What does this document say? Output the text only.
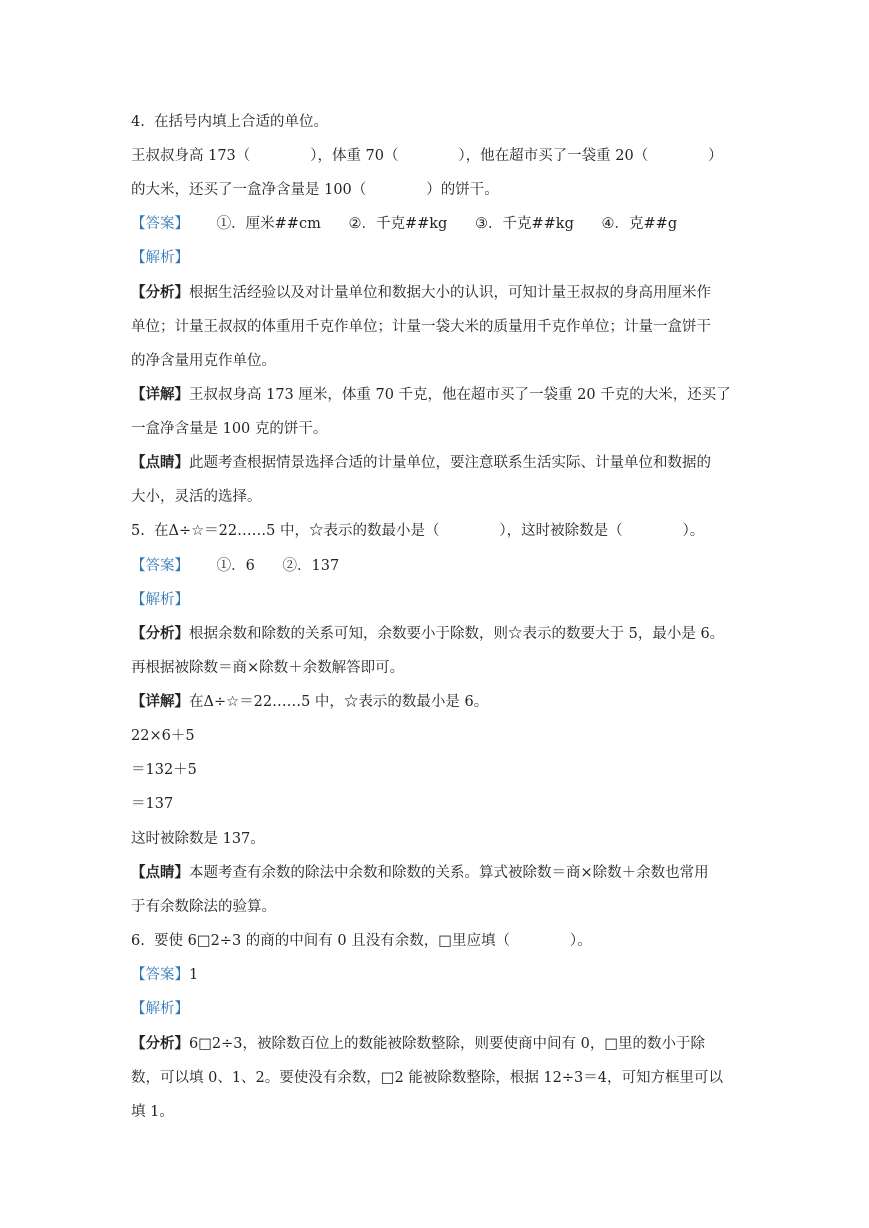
4.  在括号内填上合适的单位。
王叔叔身高 173（             ），体重 70（             ），他在超市买了一袋重 20（             ）
的大米，还买了一盒净含量是 100（             ）的饼干。
【答案】      ①．厘米##cm      ②．千克##kg      ③．千克##kg      ④．克##g
【解析】
【分析】根据生活经验以及对计量单位和数据大小的认识，可知计量王叔叔的身高用厘米作
单位；计量王叔叔的体重用千克作单位；计量一袋大米的质量用千克作单位；计量一盒饼干
的净含量用克作单位。
【详解】王叔叔身高 173 厘米，体重 70 千克，他在超市买了一袋重 20 千克的大米，还买了
一盒净含量是 100 克的饼干。
【点睛】此题考查根据情景选择合适的计量单位，要注意联系生活实际、计量单位和数据的
大小，灵活的选择。
5.  在Δ÷☆＝22……5 中，☆表示的数最小是（             ），这时被除数是（             ）。
【答案】      ①．6      ②．137
【解析】
【分析】根据余数和除数的关系可知，余数要小于除数，则☆表示的数要大于 5，最小是 6。
再根据被除数＝商×除数＋余数解答即可。
【详解】在Δ÷☆＝22……5 中，☆表示的数最小是 6。
22×6＋5
＝132＋5
＝137
这时被除数是 137。
【点睛】本题考查有余数的除法中余数和除数的关系。算式被除数＝商×除数＋余数也常用
于有余数除法的验算。
6.  要使 6□2÷3 的商的中间有 0 且没有余数，□里应填（             ）。
【答案】1
【解析】
【分析】6□2÷3，被除数百位上的数能被除数整除，则要使商中间有 0，□里的数小于除
数，可以填 0、1、2。要使没有余数，□2 能被除数整除，根据 12÷3＝4，可知方框里可以
填 1。
